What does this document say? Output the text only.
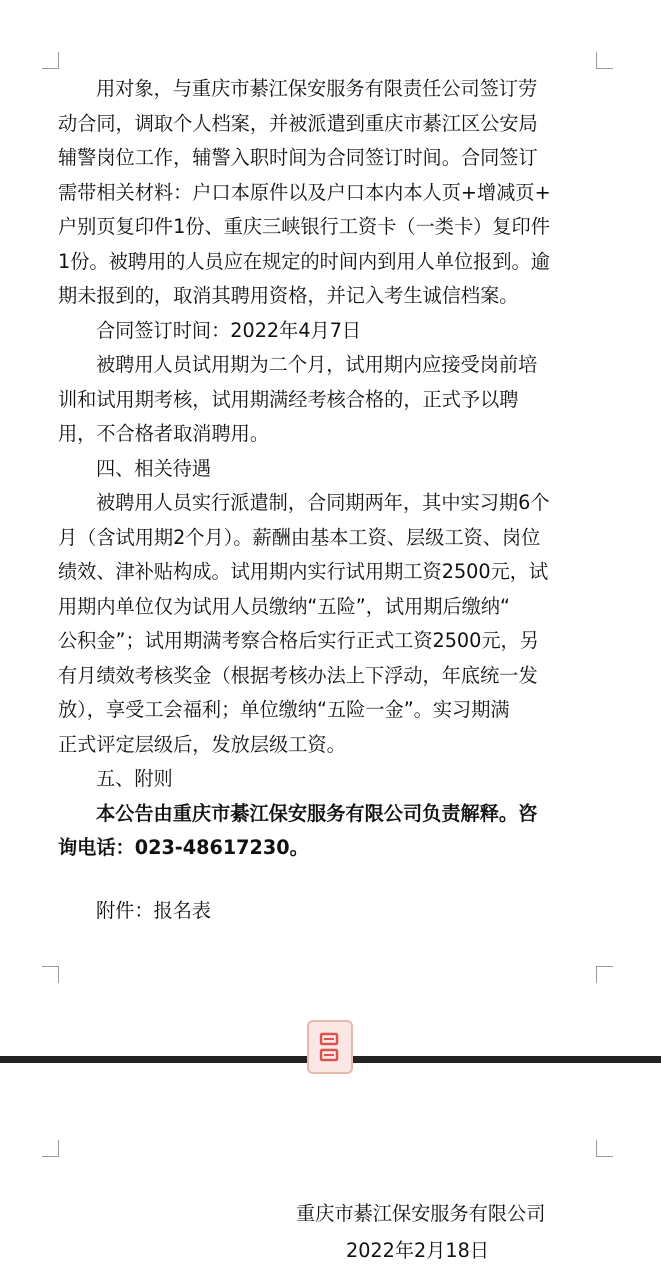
用对象，与重庆市綦江保安服务有限责任公司签订劳

动合同，调取个人档案，并被派遣到重庆市綦江区公安局

辅警岗位工作，辅警入职时间为合同签订时间。合同签订

需带相关材料：户口本原件以及户口本内本人页+增减页+

户别页复印件1份、重庆三峡银行工资卡（一类卡）复印件

1份。被聘用的人员应在规定的时间内到用人单位报到。逾

期未报到的，取消其聘用资格，并记入考生诚信档案。

合同签订时间：2022年4月7日

被聘用人员试用期为二个月，试用期内应接受岗前培

训和试用期考核，试用期满经考核合格的，正式予以聘

用，不合格者取消聘用。

四、相关待遇

被聘用人员实行派遣制，合同期两年，其中实习期6个

月（含试用期2个月）。薪酬由基本工资、层级工资、岗位

绩效、津补贴构成。试用期内实行试用期工资2500元，试

用期内单位仅为试用人员缴纳“五险”，试用期后缴纳“

公积金”；试用期满考察合格后实行正式工资2500元，另

有月绩效考核奖金（根据考核办法上下浮动，年底统一发

放），享受工会福利；单位缴纳“五险一金”。实习期满

正式评定层级后，发放层级工资。

五、附则

本公告由重庆市綦江保安服务有限公司负责解释。咨

询电话：023-48617230。

附件：报名表

重庆市綦江保安服务有限公司
2022年2月18日
